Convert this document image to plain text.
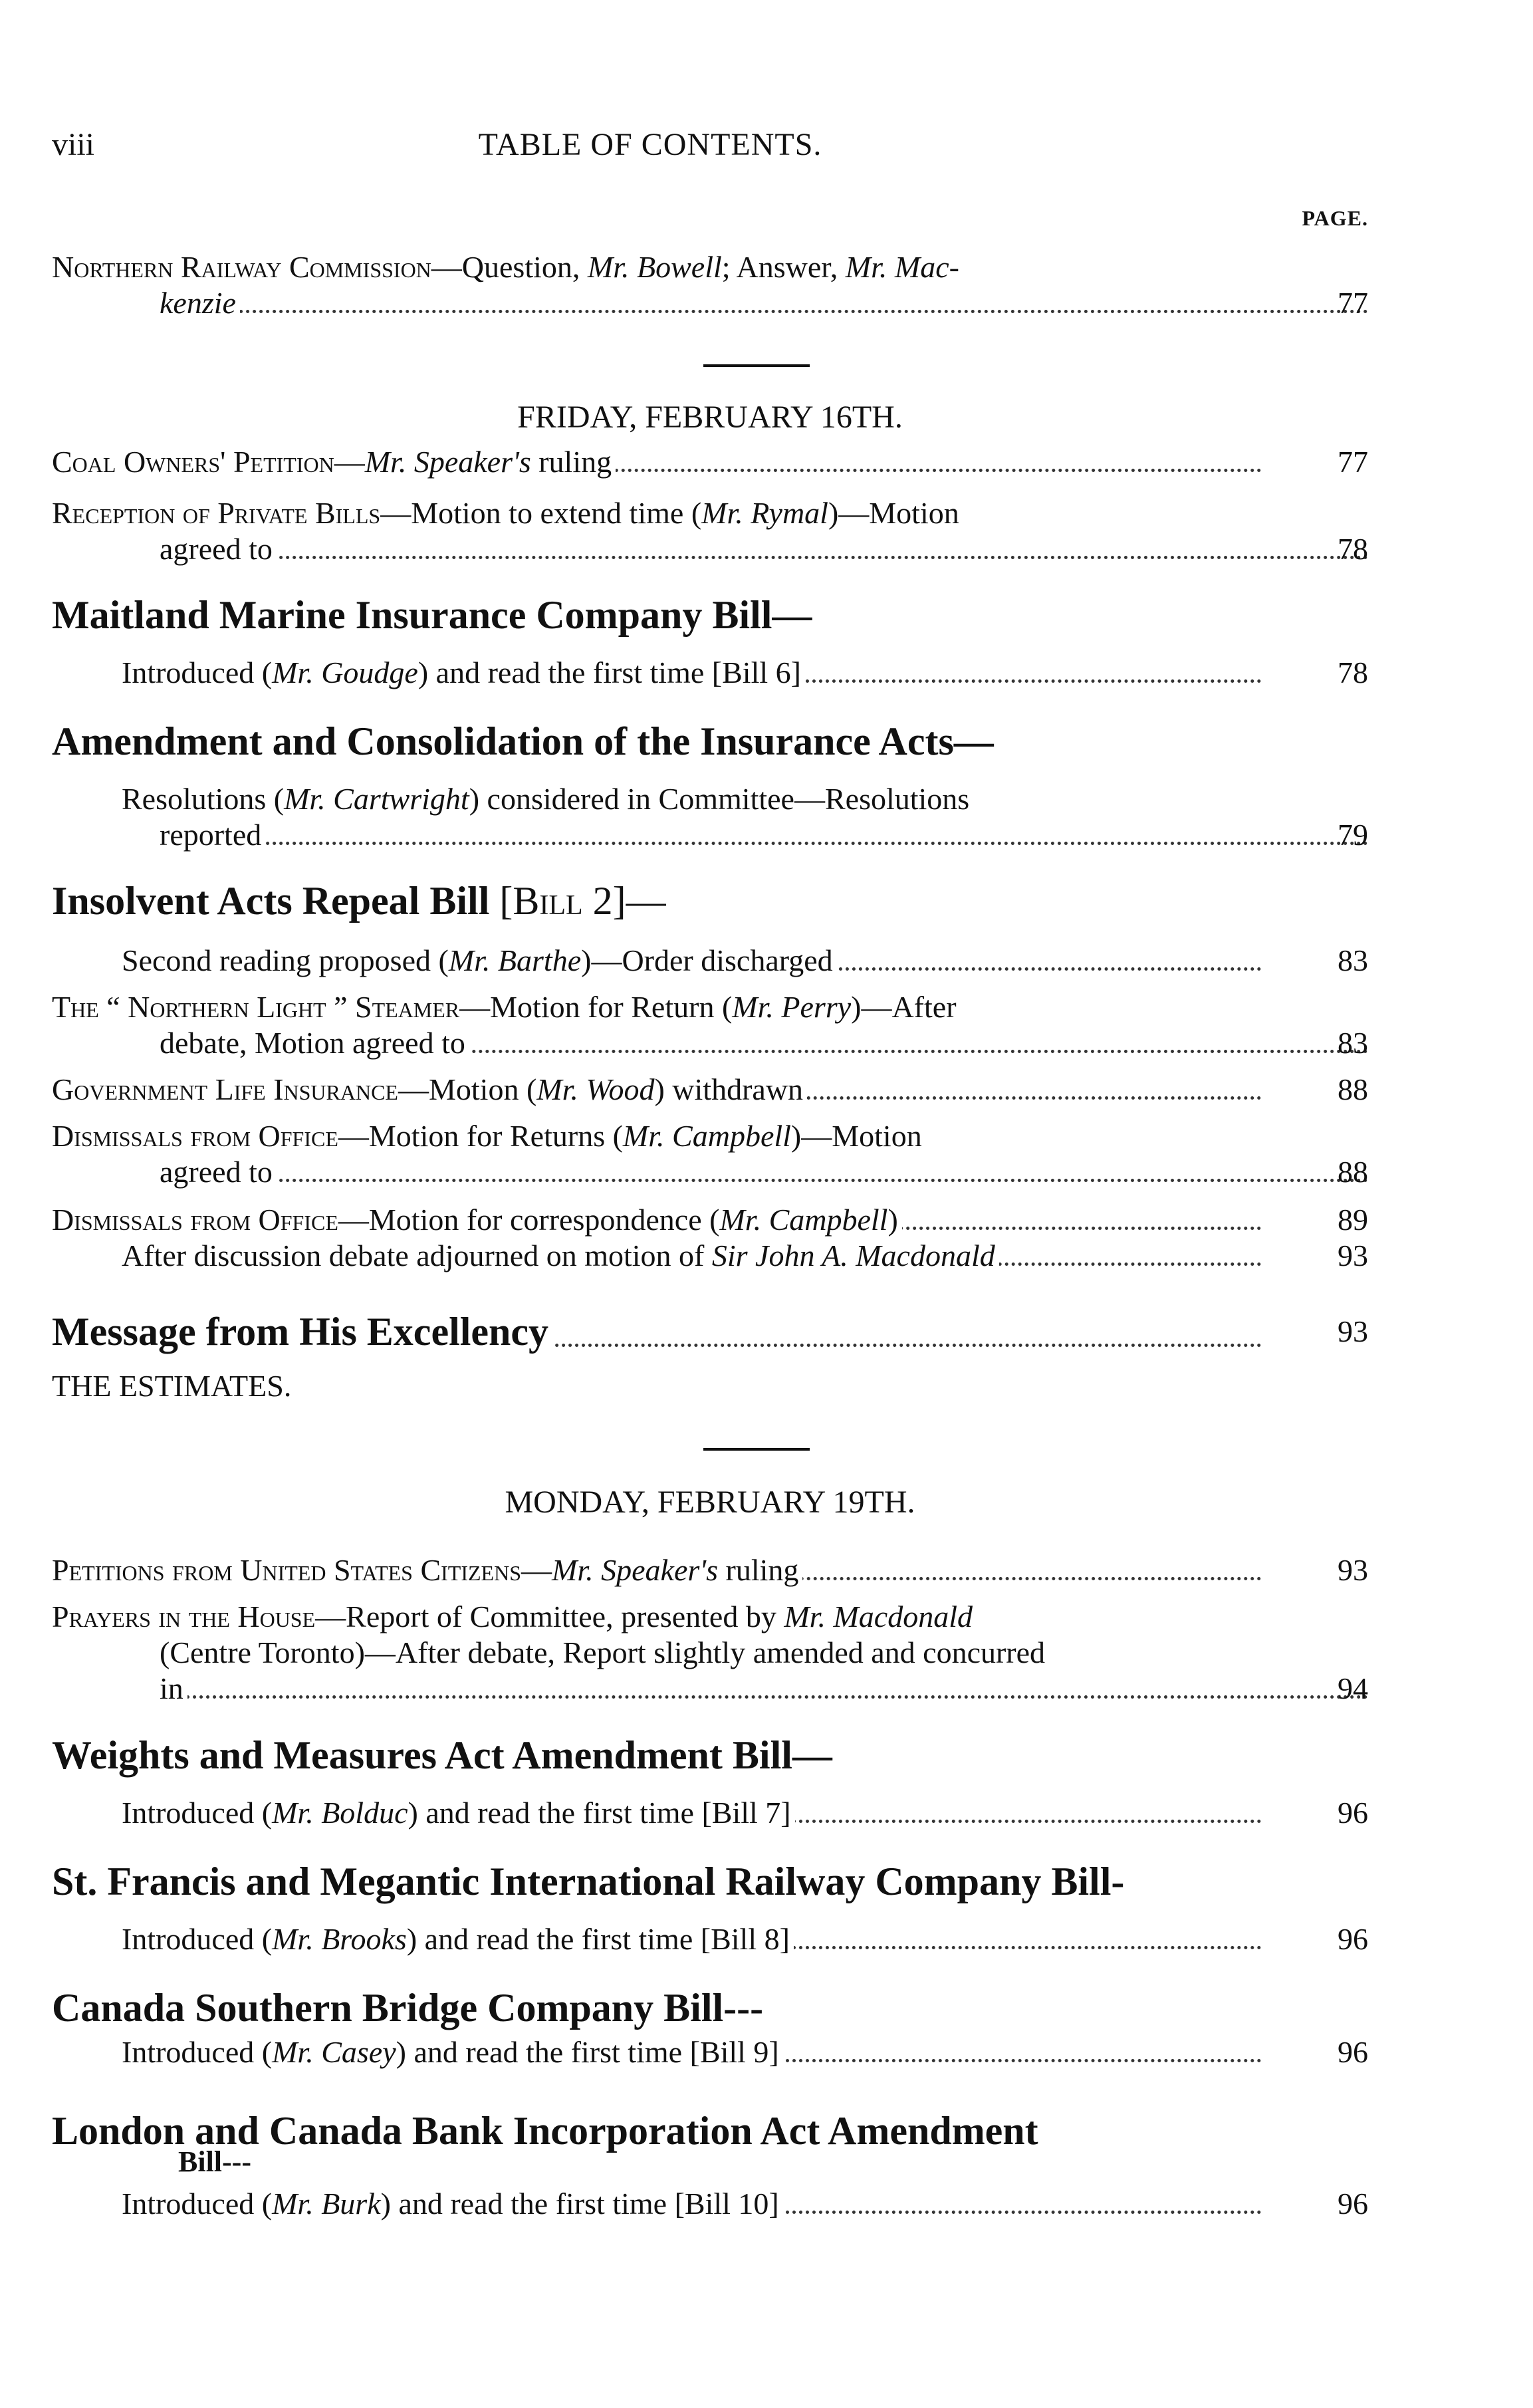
viii	TABLE OF CONTENTS.
PAGE.
Northern Railway Commission—Question, Mr. Bowell; Answer, Mr. Mac-
kenzie	77
FRIDAY, FEBRUARY 16TH.
Coal Owners' Petition—Mr. Speaker's ruling	77
Reception of Private Bills—Motion to extend time (Mr. Rymal)—Motion
agreed to	78
Maitland Marine Insurance Company Bill—
Introduced (Mr. Goudge) and read the first time [Bill 6]	78
Amendment and Consolidation of the Insurance Acts—
Resolutions (Mr. Cartwright) considered in Committee—Resolutions
reported	79
Insolvent Acts Repeal Bill [Bill 2]—
Second reading proposed (Mr. Barthe)—Order discharged	83
The “ Northern Light ” Steamer—Motion for Return (Mr. Perry)—After
debate, Motion agreed to	83
Government Life Insurance—Motion (Mr. Wood) withdrawn	88
Dismissals from Office—Motion for Returns (Mr. Campbell)—Motion
agreed to	88
Dismissals from Office—Motion for correspondence (Mr. Campbell)	89
After discussion debate adjourned on motion of Sir John A. Macdonald	93
Message from His Excellency	93
THE ESTIMATES.
MONDAY, FEBRUARY 19TH.
Petitions from United States Citizens—Mr. Speaker's ruling	93
Prayers in the House—Report of Committee, presented by Mr. Macdonald
(Centre Toronto)—After debate, Report slightly amended and concurred
in	94
Weights and Measures Act Amendment Bill—
Introduced (Mr. Bolduc) and read the first time [Bill 7]	96
St. Francis and Megantic International Railway Company Bill-
Introduced (Mr. Brooks) and read the first time [Bill 8]	96
Canada Southern Bridge Company Bill---
Introduced (Mr. Casey) and read the first time [Bill 9]	96
London and Canada Bank Incorporation Act Amendment
Bill---
Introduced (Mr. Burk) and read the first time [Bill 10]	96
